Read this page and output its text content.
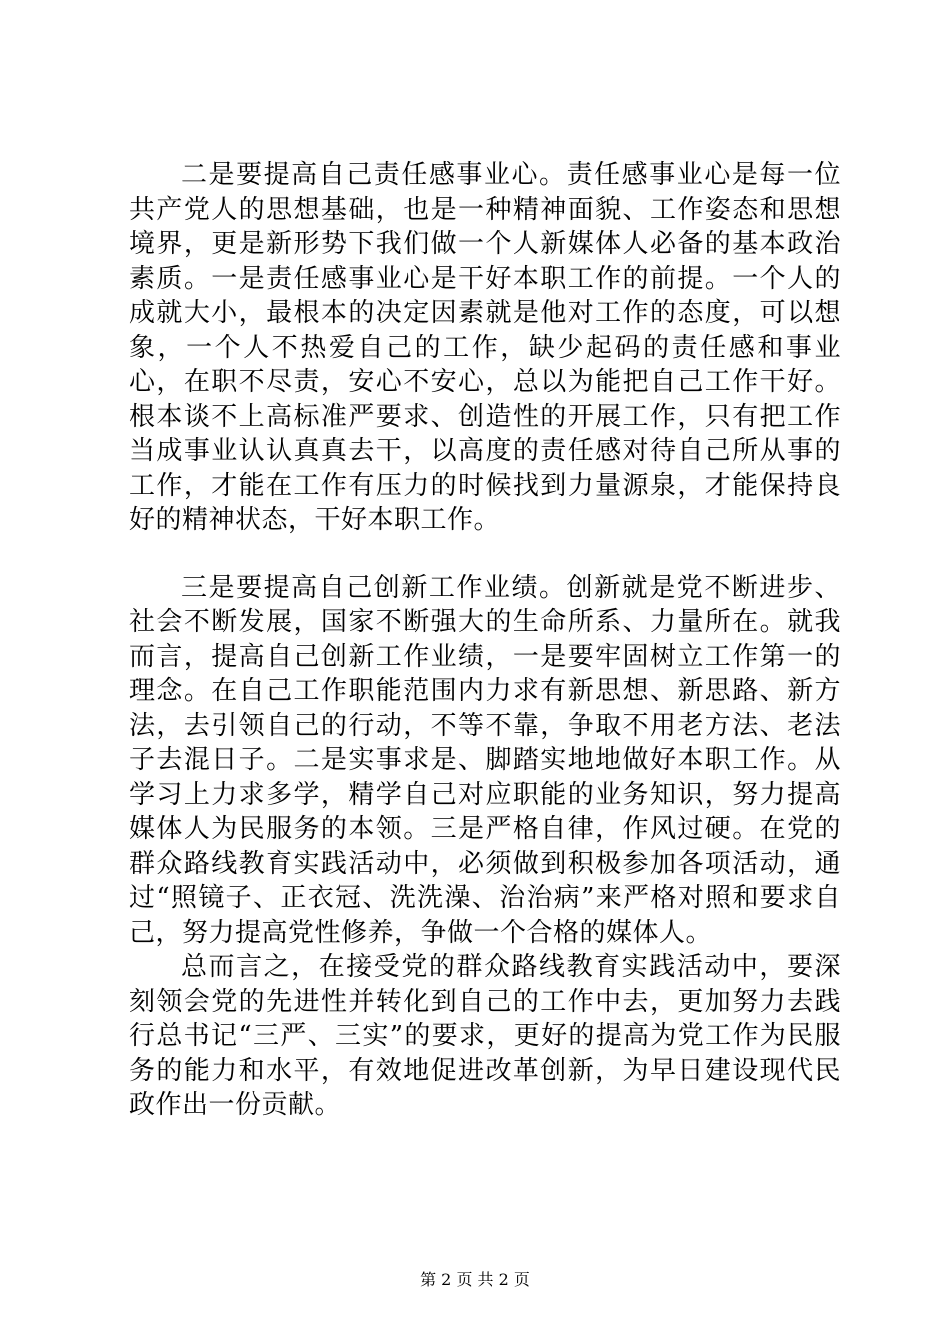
二是要提高自己责任感事业心。责任感事业心是每一位共产党人的思想基础，也是一种精神面貌、工作姿态和思想境界，更是新形势下我们做一个人新媒体人必备的基本政治素质。一是责任感事业心是干好本职工作的前提。一个人的成就大小，最根本的决定因素就是他对工作的态度，可以想象，一个人不热爱自己的工作，缺少起码的责任感和事业心，在职不尽责，安心不安心，总以为能把自己工作干好。根本谈不上高标准严要求、创造性的开展工作，只有把工作当成事业认认真真去干，以高度的责任感对待自己所从事的工作，才能在工作有压力的时候找到力量源泉，才能保持良好的精神状态，干好本职工作。

三是要提高自己创新工作业绩。创新就是党不断进步、社会不断发展，国家不断强大的生命所系、力量所在。就我而言，提高自己创新工作业绩，一是要牢固树立工作第一的理念。在自己工作职能范围内力求有新思想、新思路、新方法，去引领自己的行动，不等不靠，争取不用老方法、老法子去混日子。二是实事求是、脚踏实地地做好本职工作。从学习上力求多学，精学自己对应职能的业务知识，努力提高媒体人为民服务的本领。三是严格自律，作风过硬。在党的群众路线教育实践活动中，必须做到积极参加各项活动，通过“照镜子、正衣冠、洗洗澡、治治病”来严格对照和要求自己，努力提高党性修养，争做一个合格的媒体人。

总而言之，在接受党的群众路线教育实践活动中，要深刻领会党的先进性并转化到自己的工作中去，更加努力去践行总书记“三严、三实”的要求，更好的提高为党工作为民服务的能力和水平，有效地促进改革创新，为早日建设现代民政作出一份贡献。

第 2 页 共 2 页
